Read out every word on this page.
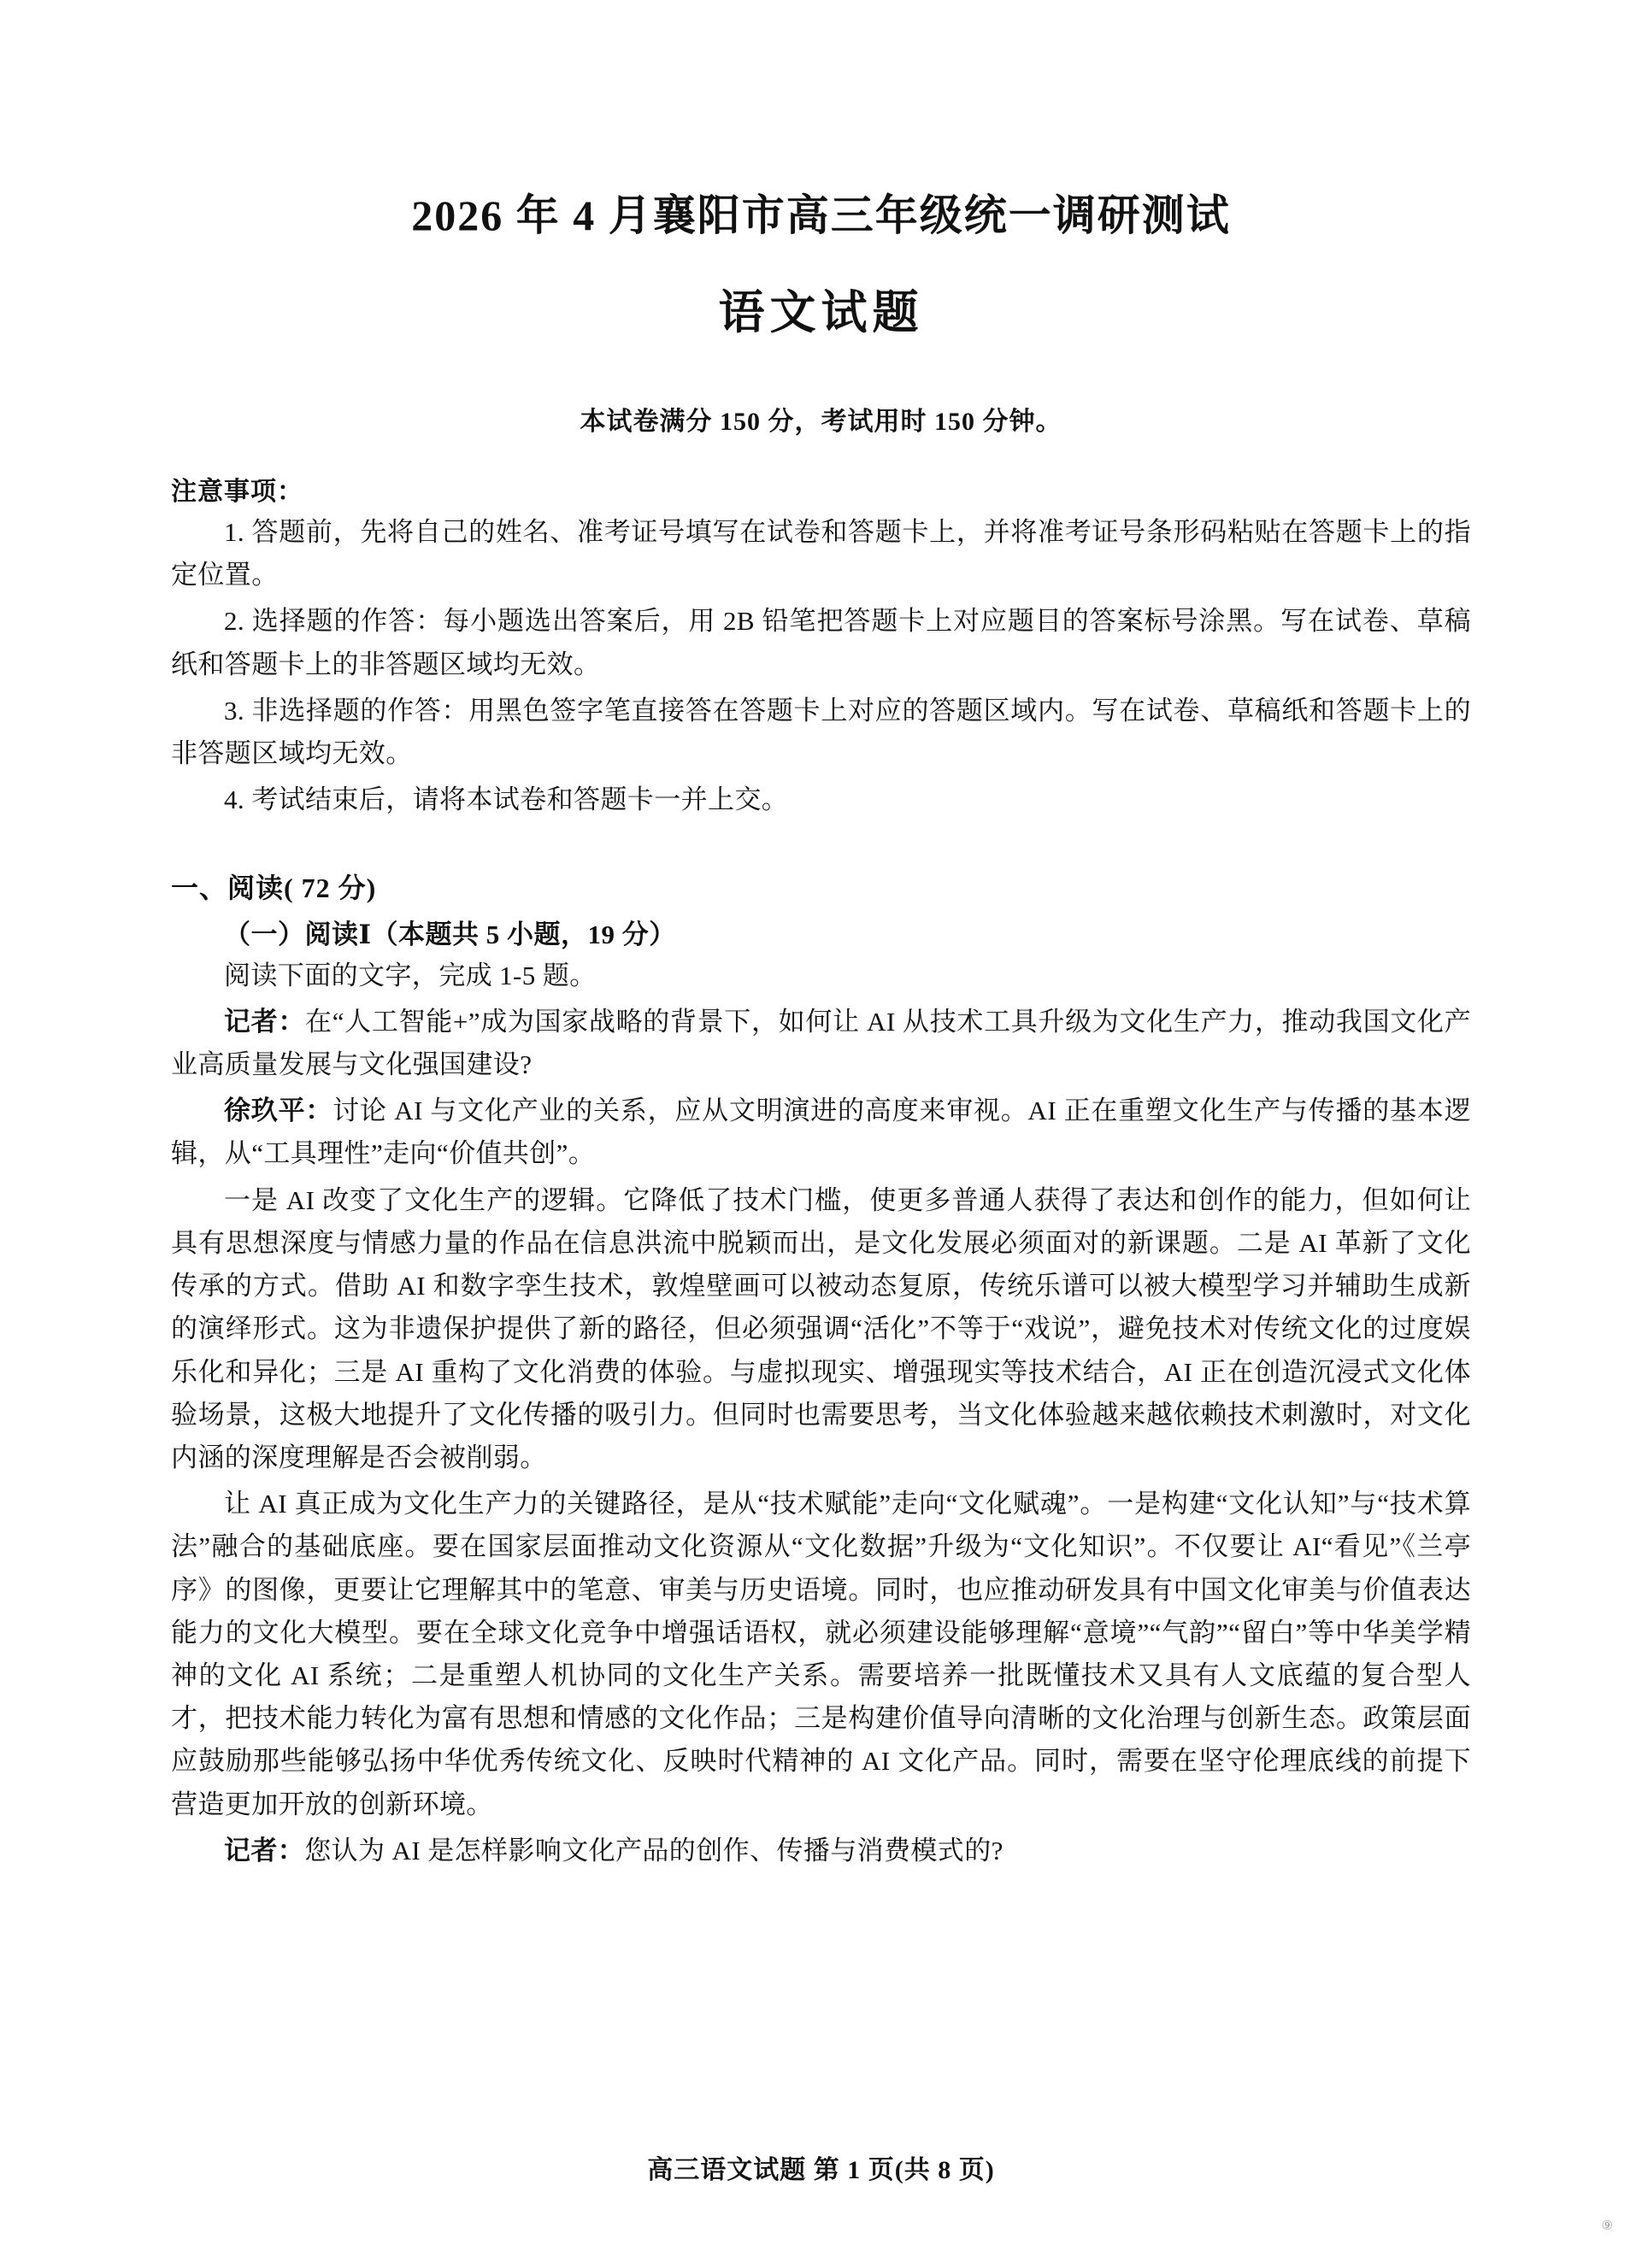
2026 年 4 月襄阳市高三年级统一调研测试
语文试题

本试卷满分 150 分，考试用时 150 分钟。

注意事项：

1. 答题前，先将自己的姓名、准考证号填写在试卷和答题卡上，并将准考证号条形码粘贴在答题卡上的指定位置。

2. 选择题的作答：每小题选出答案后，用 2B 铅笔把答题卡上对应题目的答案标号涂黑。写在试卷、草稿纸和答题卡上的非答题区域均无效。

3. 非选择题的作答：用黑色签字笔直接答在答题卡上对应的答题区域内。写在试卷、草稿纸和答题卡上的非答题区域均无效。

4. 考试结束后，请将本试卷和答题卡一并上交。

一、阅读( 72 分)

（一）阅读Ⅰ（本题共 5 小题，19 分）

阅读下面的文字，完成 1-5 题。

记者：在“人工智能+”成为国家战略的背景下，如何让 AI 从技术工具升级为文化生产力，推动我国文化产业高质量发展与文化强国建设?

徐玖平：讨论 AI 与文化产业的关系，应从文明演进的高度来审视。AI 正在重塑文化生产与传播的基本逻辑，从“工具理性”走向“价值共创”。

一是 AI 改变了文化生产的逻辑。它降低了技术门槛，使更多普通人获得了表达和创作的能力，但如何让具有思想深度与情感力量的作品在信息洪流中脱颖而出，是文化发展必须面对的新课题。二是 AI 革新了文化传承的方式。借助 AI 和数字孪生技术，敦煌壁画可以被动态复原，传统乐谱可以被大模型学习并辅助生成新的演绎形式。这为非遗保护提供了新的路径，但必须强调“活化”不等于“戏说”，避免技术对传统文化的过度娱乐化和异化；三是 AI 重构了文化消费的体验。与虚拟现实、增强现实等技术结合，AI 正在创造沉浸式文化体验场景，这极大地提升了文化传播的吸引力。但同时也需要思考，当文化体验越来越依赖技术刺激时，对文化内涵的深度理解是否会被削弱。

让 AI 真正成为文化生产力的关键路径，是从“技术赋能”走向“文化赋魂”。一是构建“文化认知”与“技术算法”融合的基础底座。要在国家层面推动文化资源从“文化数据”升级为“文化知识”。不仅要让 AI“看见”《兰亭序》的图像，更要让它理解其中的笔意、审美与历史语境。同时，也应推动研发具有中国文化审美与价值表达能力的文化大模型。要在全球文化竞争中增强话语权，就必须建设能够理解“意境”“气韵”“留白”等中华美学精神的文化 AI 系统；二是重塑人机协同的文化生产关系。需要培养一批既懂技术又具有人文底蕴的复合型人才，把技术能力转化为富有思想和情感的文化作品；三是构建价值导向清晰的文化治理与创新生态。政策层面应鼓励那些能够弘扬中华优秀传统文化、反映时代精神的 AI 文化产品。同时，需要在坚守伦理底线的前提下营造更加开放的创新环境。

记者：您认为 AI 是怎样影响文化产品的创作、传播与消费模式的?

高三语文试题 第 1 页(共 8 页)
⑨
